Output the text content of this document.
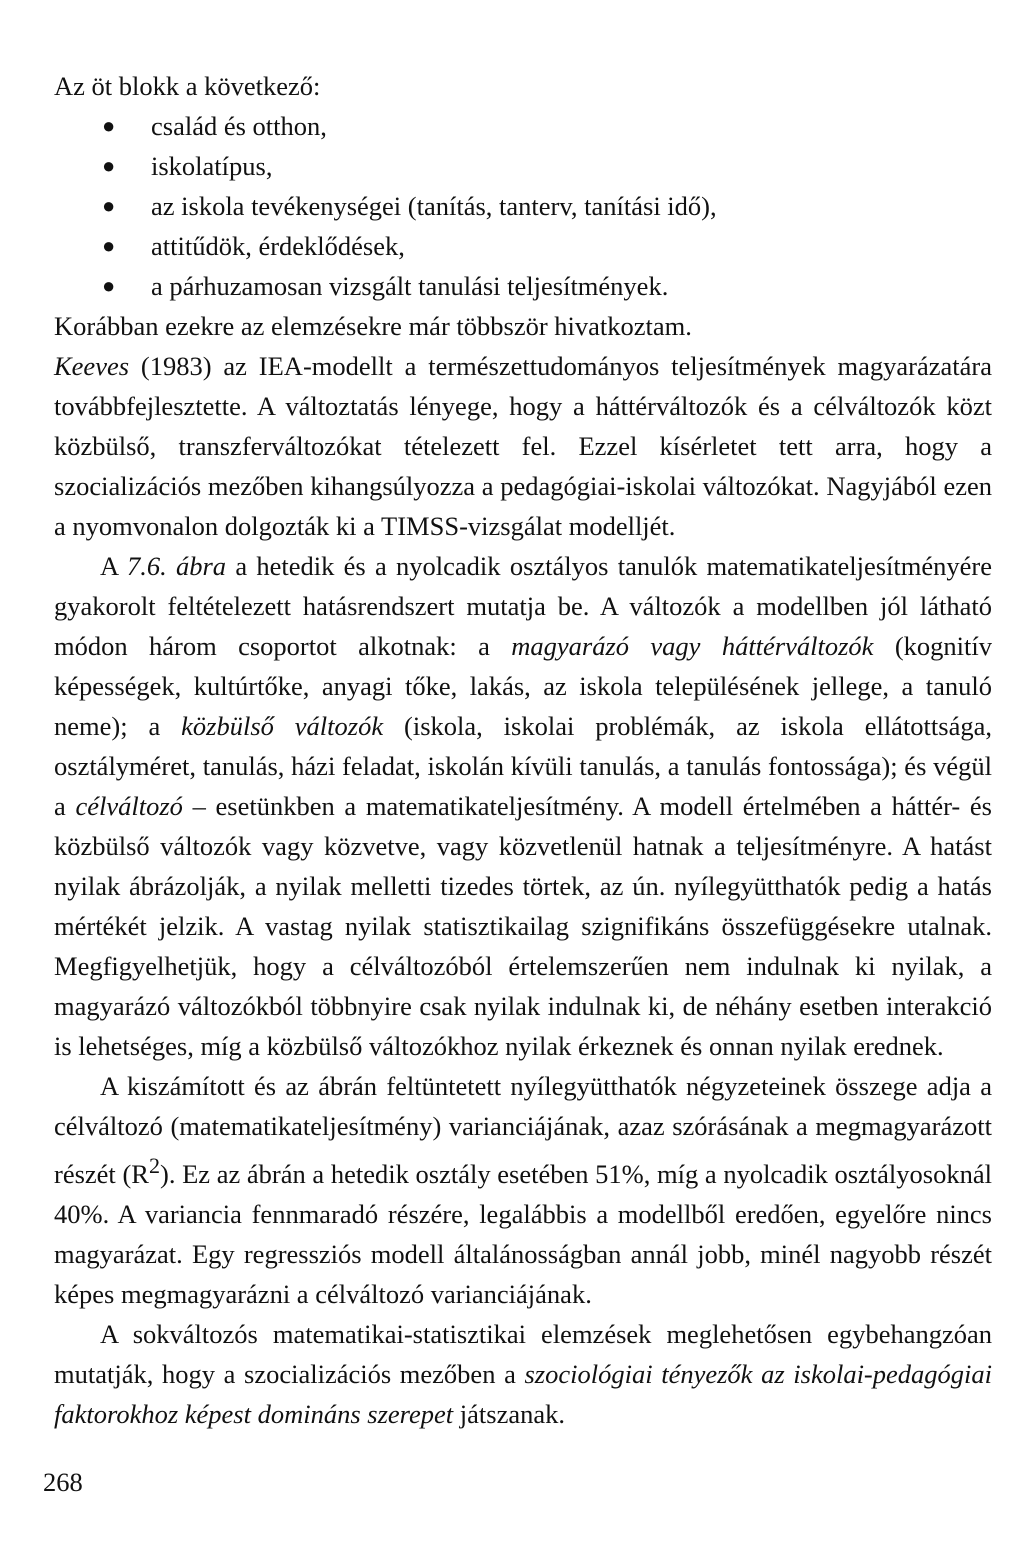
Az öt blokk a következő:

● család és otthon,
● iskolatípus,
● az iskola tevékenységei (tanítás, tanterv, tanítási idő),
● attitűdök, érdeklődések,
● a párhuzamosan vizsgált tanulási teljesítmények.

Korábban ezekre az elemzésekre már többször hivatkoztam.

Keeves (1983) az IEA-modellt a természettudományos teljesítmények magyarázatára továbbfejlesztette. A változtatás lényege, hogy a háttérváltozók és a célváltozók közt közbülső, transzferváltozókat tételezett fel. Ezzel kísérletet tett arra, hogy a szocializációs mezőben kihangsúlyozza a pedagógiai-iskolai változókat. Nagyjából ezen a nyomvonalon dolgozták ki a TIMSS-vizsgálat modelljét.

A 7.6. ábra a hetedik és a nyolcadik osztályos tanulók matematikateljesítményére gyakorolt feltételezett hatásrendszert mutatja be. A változók a modellben jól látható módon három csoportot alkotnak: a magyarázó vagy háttérváltozók (kognitív képességek, kultúrtőke, anyagi tőke, lakás, az iskola településének jellege, a tanuló neme); a közbülső változók (iskola, iskolai problémák, az iskola ellátottsága, osztályméret, tanulás, házi feladat, iskolán kívüli tanulás, a tanulás fontossága); és végül a célváltozó – esetünkben a matematikateljesítmény. A modell értelmében a háttér- és közbülső változók vagy közvetve, vagy közvetlenül hatnak a teljesítményre. A hatást nyilak ábrázolják, a nyilak melletti tizedes törtek, az ún. nyílegyütthatók pedig a hatás mértékét jelzik. A vastag nyilak statisztikailag szignifikáns összefüggésekre utalnak. Megfigyelhetjük, hogy a célváltozóból értelemszerűen nem indulnak ki nyilak, a magyarázó változókból többnyire csak nyilak indulnak ki, de néhány esetben interakció is lehetséges, míg a közbülső változókhoz nyilak érkeznek és onnan nyilak erednek.

A kiszámított és az ábrán feltüntetett nyílegyütthatók négyzeteinek összege adja a célváltozó (matematikateljesítmény) varianciájának, azaz szórásának a megmagyarázott részét $(R^2)$. Ez az ábrán a hetedik osztály esetében 51%, míg a nyolcadik osztályosoknál 40%. A variancia fennmaradó részére, legalábbis a modellből eredően, egyelőre nincs magyarázat. Egy regressziós modell általánosságban annál jobb, minél nagyobb részét képes megmagyarázni a célváltozó varianciájának.

A sokváltozós matematikai-statisztikai elemzések meglehetősen egybehangzóan mutatják, hogy a szocializációs mezőben a szociológiai tényezők az iskolai-pedagógiai faktorokhoz képest domináns szerepet játszanak.

268
